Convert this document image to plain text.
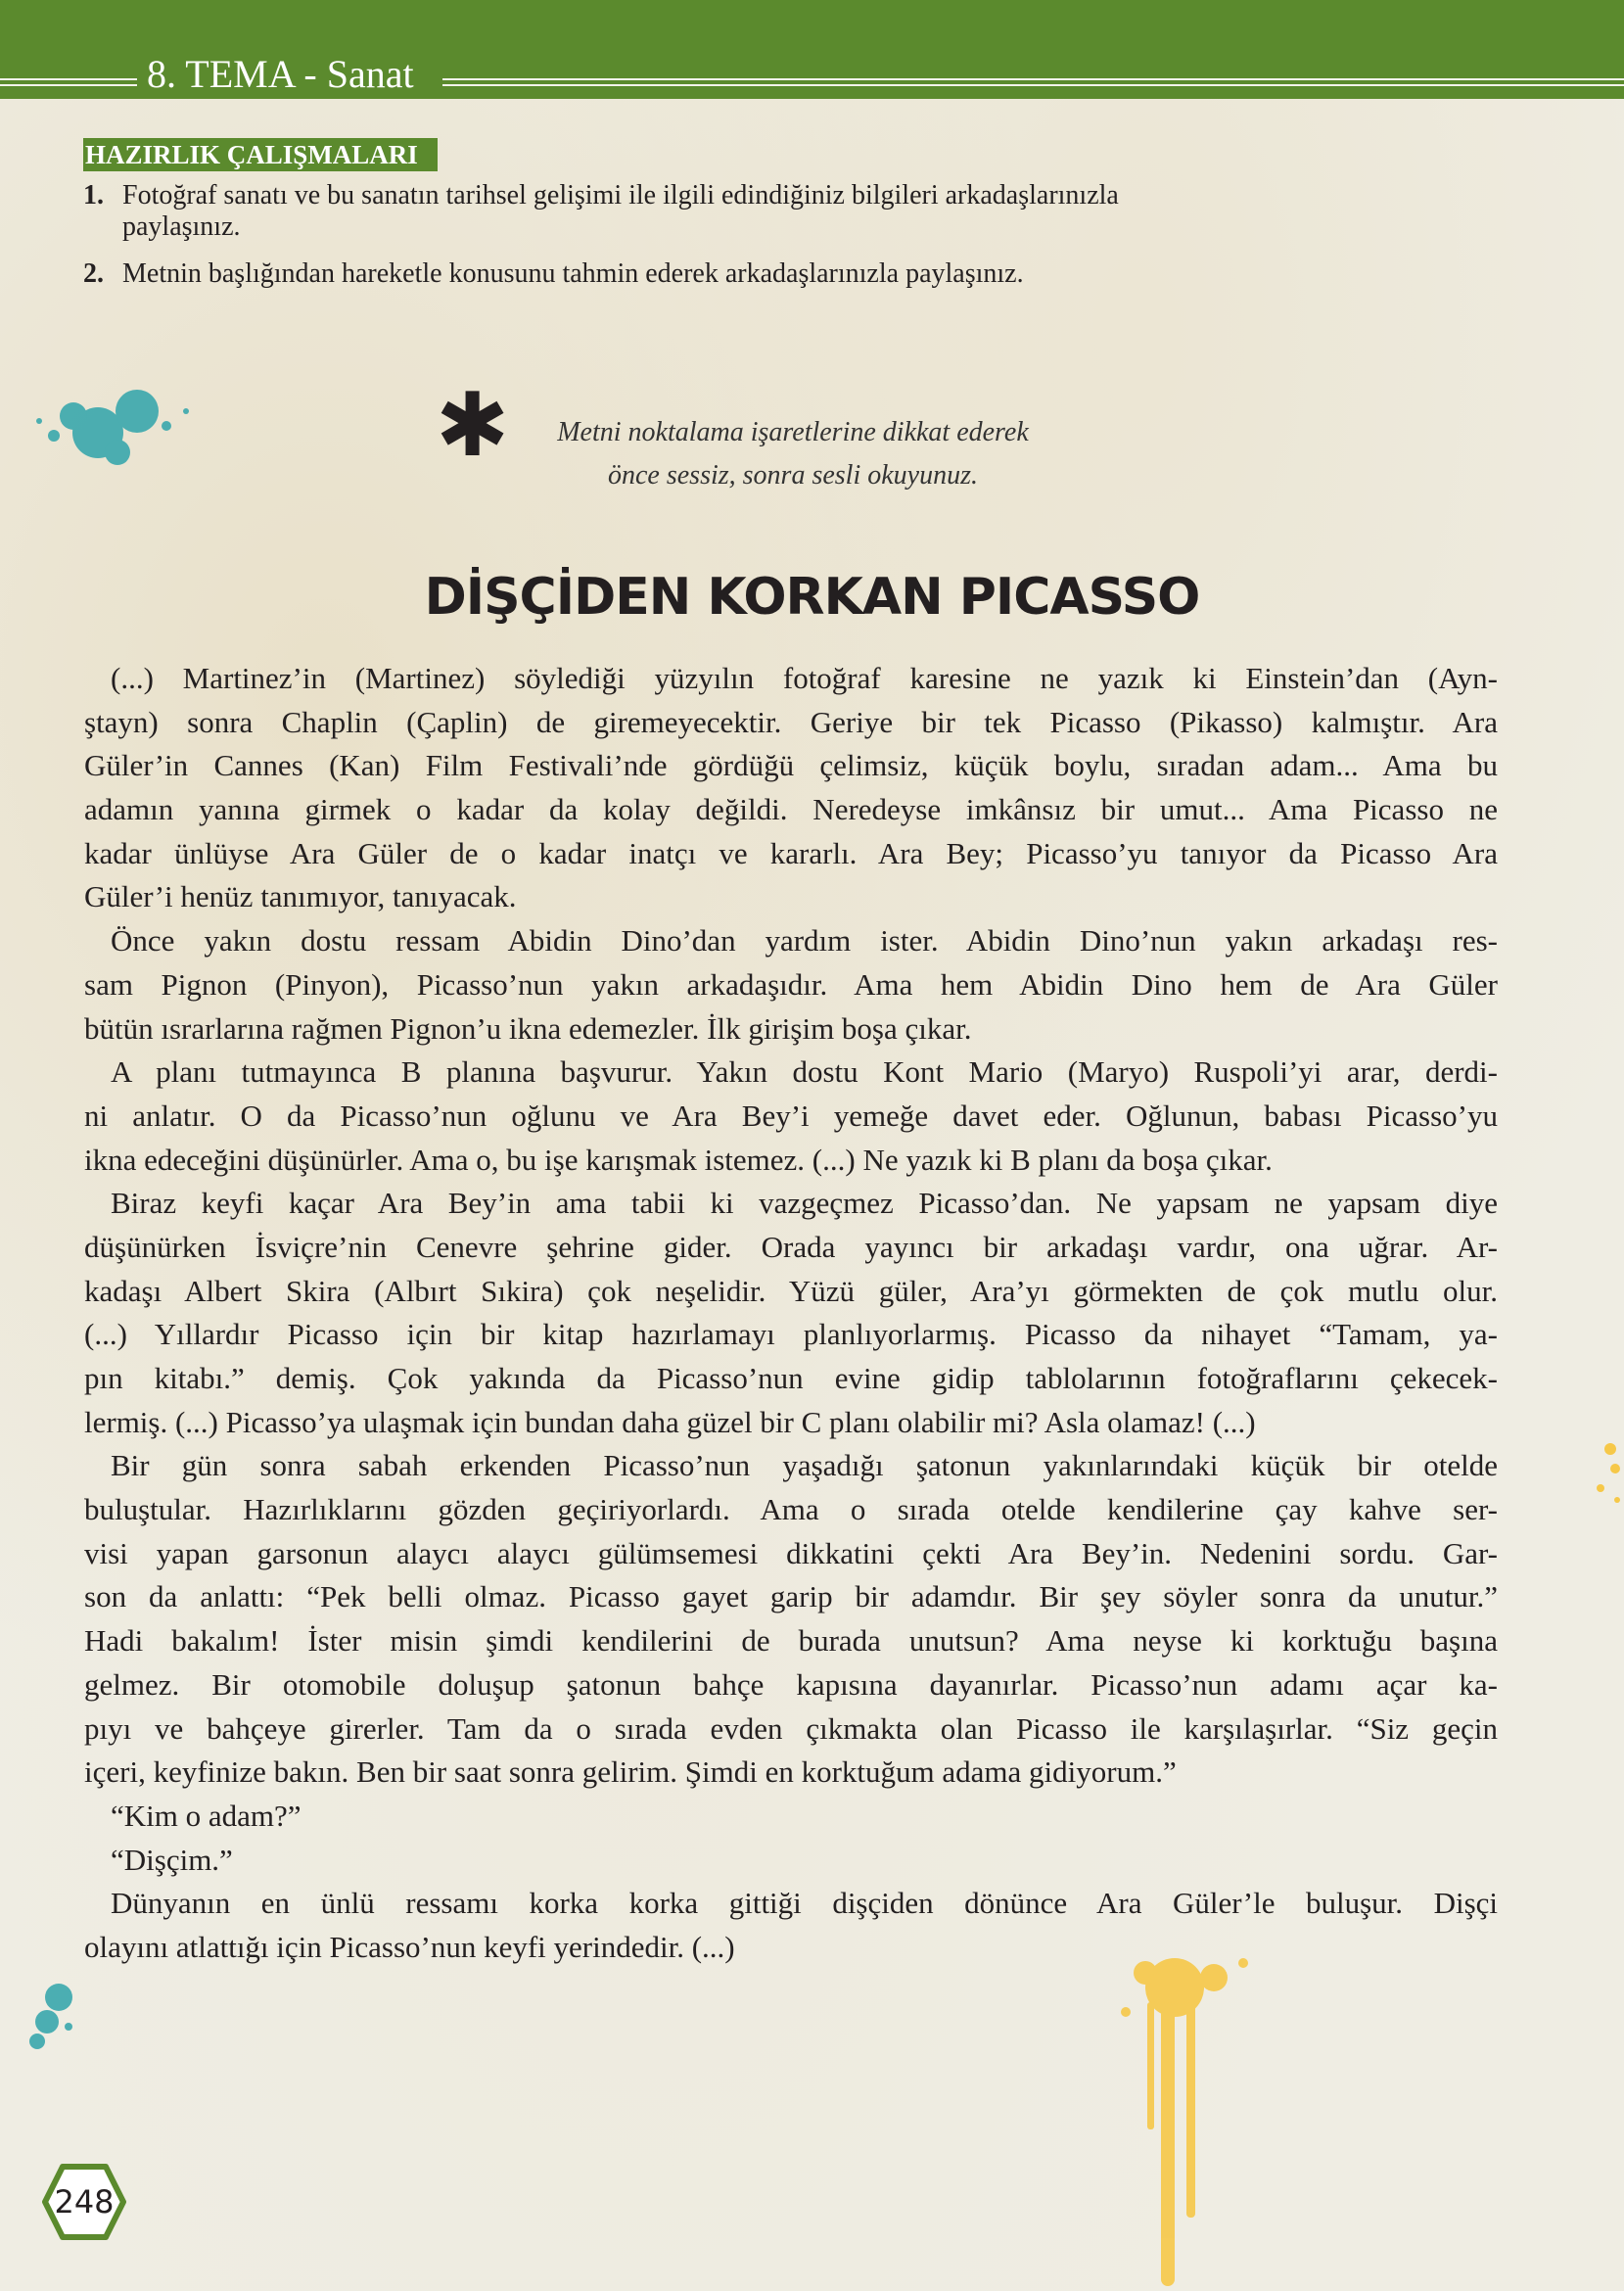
8. TEMA - Sanat
HAZIRLIK ÇALIŞMALARI
1. Fotoğraf sanatı ve bu sanatın tarihsel gelişimi ile ilgili edindiğiniz bilgileri arkadaşlarınızla
paylaşınız.
2. Metnin başlığından hareketle konusunu tahmin ederek arkadaşlarınızla paylaşınız.
✱	Metni noktalama işaretlerine dikkat ederek
önce sessiz, sonra sesli okuyunuz.
DİŞÇİDEN KORKAN PICASSO
(...) Martinez’in (Martinez) söylediği yüzyılın fotoğraf karesine ne yazık ki Einstein’dan (Ayn-
ştayn) sonra Chaplin (Çaplin) de giremeyecektir. Geriye bir tek Picasso (Pikasso) kalmıştır. Ara
Güler’in Cannes (Kan) Film Festivali’nde gördüğü çelimsiz, küçük boylu, sıradan adam... Ama bu
adamın yanına girmek o kadar da kolay değildi. Neredeyse imkânsız bir umut... Ama Picasso ne
kadar ünlüyse Ara Güler de o kadar inatçı ve kararlı. Ara Bey; Picasso’yu tanıyor da Picasso Ara
Güler’i henüz tanımıyor, tanıyacak.
Önce yakın dostu ressam Abidin Dino’dan yardım ister. Abidin Dino’nun yakın arkadaşı res-
sam Pignon (Pinyon), Picasso’nun yakın arkadaşıdır. Ama hem Abidin Dino hem de Ara Güler
bütün ısrarlarına rağmen Pignon’u ikna edemezler. İlk girişim boşa çıkar.
A planı tutmayınca B planına başvurur. Yakın dostu Kont Mario (Maryo) Ruspoli’yi arar, derdi-
ni anlatır. O da Picasso’nun oğlunu ve Ara Bey’i yemeğe davet eder. Oğlunun, babası Picasso’yu
ikna edeceğini düşünürler. Ama o, bu işe karışmak istemez. (...) Ne yazık ki B planı da boşa çıkar.
Biraz keyfi kaçar Ara Bey’in ama tabii ki vazgeçmez Picasso’dan. Ne yapsam ne yapsam diye
düşünürken İsviçre’nin Cenevre şehrine gider. Orada yayıncı bir arkadaşı vardır, ona uğrar. Ar-
kadaşı Albert Skira (Albırt Sıkira) çok neşelidir. Yüzü güler, Ara’yı görmekten de çok mutlu olur.
(...) Yıllardır Picasso için bir kitap hazırlamayı planlıyorlarmış. Picasso da nihayet “Tamam, ya-
pın kitabı.” demiş. Çok yakında da Picasso’nun evine gidip tablolarının fotoğraflarını çekecek-
lermiş. (...) Picasso’ya ulaşmak için bundan daha güzel bir C planı olabilir mi? Asla olamaz! (...)
Bir gün sonra sabah erkenden Picasso’nun yaşadığı şatonun yakınlarındaki küçük bir otelde
buluştular. Hazırlıklarını gözden geçiriyorlardı. Ama o sırada otelde kendilerine çay kahve ser-
visi yapan garsonun alaycı alaycı gülümsemesi dikkatini çekti Ara Bey’in. Nedenini sordu. Gar-
son da anlattı: “Pek belli olmaz. Picasso gayet garip bir adamdır. Bir şey söyler sonra da unutur.”
Hadi bakalım! İster misin şimdi kendilerini de burada unutsun? Ama neyse ki korktuğu başına
gelmez. Bir otomobile doluşup şatonun bahçe kapısına dayanırlar. Picasso’nun adamı açar ka-
pıyı ve bahçeye girerler. Tam da o sırada evden çıkmakta olan Picasso ile karşılaşırlar. “Siz geçin
içeri, keyfinize bakın. Ben bir saat sonra gelirim. Şimdi en korktuğum adama gidiyorum.”
“Kim o adam?”
“Dişçim.”
Dünyanın en ünlü ressamı korka korka gittiği dişçiden dönünce Ara Güler’le buluşur. Dişçi
olayını atlattığı için Picasso’nun keyfi yerindedir. (...)
248
